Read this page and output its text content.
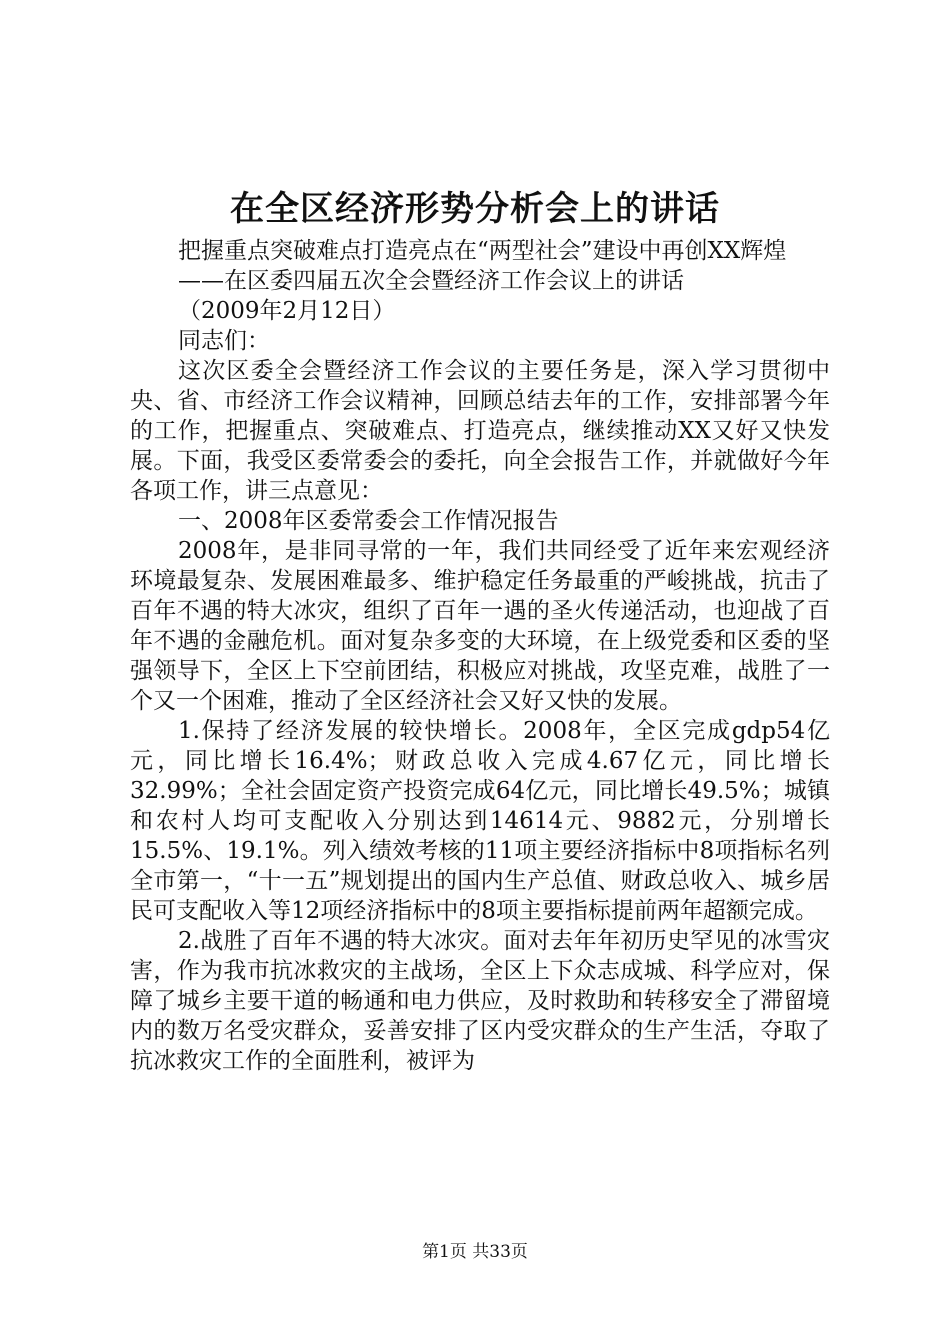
在全区经济形势分析会上的讲话

把握重点突破难点打造亮点在“两型社会”建设中再创XX辉煌

——在区委四届五次全会暨经济工作会议上的讲话

（2009年2月12日）

同志们：

这次区委全会暨经济工作会议的主要任务是，深入学习贯彻中央、省、市经济工作会议精神，回顾总结去年的工作，安排部署今年的工作，把握重点、突破难点、打造亮点，继续推动XX又好又快发展。下面，我受区委常委会的委托，向全会报告工作，并就做好今年各项工作，讲三点意见：

一、2008年区委常委会工作情况报告

2008年，是非同寻常的一年，我们共同经受了近年来宏观经济环境最复杂、发展困难最多、维护稳定任务最重的严峻挑战，抗击了百年不遇的特大冰灾，组织了百年一遇的圣火传递活动，也迎战了百年不遇的金融危机。面对复杂多变的大环境，在上级党委和区委的坚强领导下，全区上下空前团结，积极应对挑战，攻坚克难，战胜了一个又一个困难，推动了全区经济社会又好又快的发展。

1.保持了经济发展的较快增长。2008年，全区完成gdp54亿元，同比增长16.4%；财政总收入完成4.67亿元，同比增长32.99%；全社会固定资产投资完成64亿元，同比增长49.5%；城镇和农村人均可支配收入分别达到14614元、9882元，分别增长15.5%、19.1%。列入绩效考核的11项主要经济指标中8项指标名列全市第一，“十一五”规划提出的国内生产总值、财政总收入、城乡居民可支配收入等12项经济指标中的8项主要指标提前两年超额完成。

2.战胜了百年不遇的特大冰灾。面对去年年初历史罕见的冰雪灾害，作为我市抗冰救灾的主战场，全区上下众志成城、科学应对，保障了城乡主要干道的畅通和电力供应，及时救助和转移安全了滞留境内的数万名受灾群众，妥善安排了区内受灾群众的生产生活，夺取了抗冰救灾工作的全面胜利，被评为

第1页 共33页
